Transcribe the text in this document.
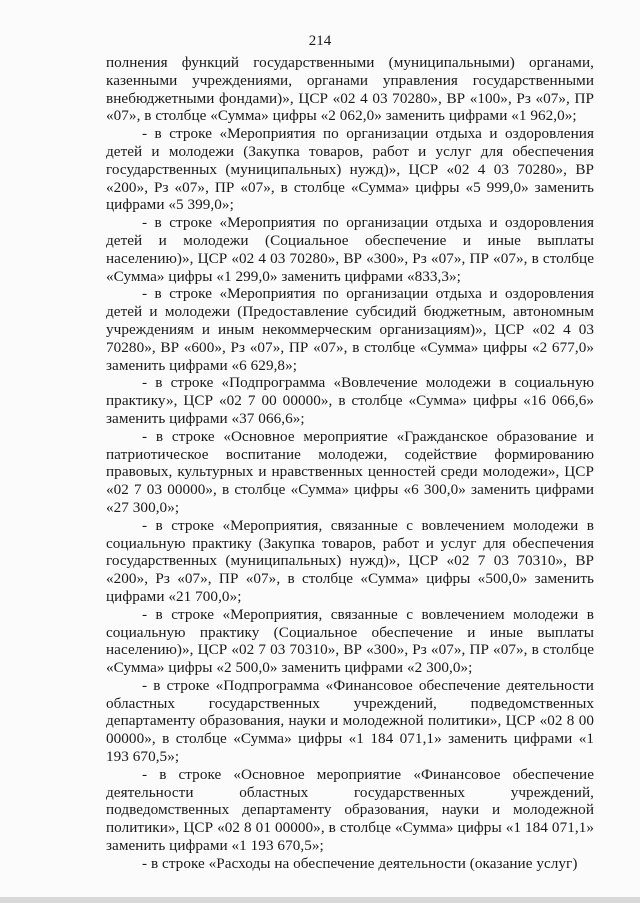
214

полнения функций государственными (муниципальными) органами, казенными учреждениями, органами управления государственными внебюджетными фондами)», ЦСР «02 4 03 70280», ВР «100», Рз «07», ПР «07», в столбце «Сумма» цифры «2 062,0» заменить цифрами «1 962,0»;

- в строке «Мероприятия по организации отдыха и оздоровления детей и молодежи (Закупка товаров, работ и услуг для обеспечения государственных (муниципальных) нужд)», ЦСР «02 4 03 70280», ВР «200», Рз «07», ПР «07», в столбце «Сумма» цифры «5 999,0» заменить цифрами «5 399,0»;

- в строке «Мероприятия по организации отдыха и оздоровления детей и молодежи (Социальное обеспечение и иные выплаты населению)», ЦСР «02 4 03 70280», ВР «300», Рз «07», ПР «07», в столбце «Сумма» цифры «1 299,0» заменить цифрами «833,3»;

- в строке «Мероприятия по организации отдыха и оздоровления детей и молодежи (Предоставление субсидий бюджетным, автономным учреждениям и иным некоммерческим организациям)», ЦСР «02 4 03 70280», ВР «600», Рз «07», ПР «07», в столбце «Сумма» цифры «2 677,0» заменить цифрами «6 629,8»;

- в строке «Подпрограмма «Вовлечение молодежи в социальную практику», ЦСР «02 7 00 00000», в столбце «Сумма» цифры «16 066,6» заменить цифрами «37 066,6»;

- в строке «Основное мероприятие «Гражданское образование и патриотическое воспитание молодежи, содействие формированию правовых, культурных и нравственных ценностей среди молодежи», ЦСР «02 7 03 00000», в столбце «Сумма» цифры «6 300,0» заменить цифрами «27 300,0»;

- в строке «Мероприятия, связанные с вовлечением молодежи в социальную практику (Закупка товаров, работ и услуг для обеспечения государственных (муниципальных) нужд)», ЦСР «02 7 03 70310», ВР «200», Рз «07», ПР «07», в столбце «Сумма» цифры «500,0» заменить цифрами «21 700,0»;

- в строке «Мероприятия, связанные с вовлечением молодежи в социальную практику (Социальное обеспечение и иные выплаты населению)», ЦСР «02 7 03 70310», ВР «300», Рз «07», ПР «07», в столбце «Сумма» цифры «2 500,0» заменить цифрами «2 300,0»;

- в строке «Подпрограмма «Финансовое обеспечение деятельности областных государственных учреждений, подведомственных департаменту образования, науки и молодежной политики», ЦСР «02 8 00 00000», в столбце «Сумма» цифры «1 184 071,1» заменить цифрами «1 193 670,5»;

- в строке «Основное мероприятие «Финансовое обеспечение деятельности областных государственных учреждений, подведомственных департаменту образования, науки и молодежной политики», ЦСР «02 8 01 00000», в столбце «Сумма» цифры «1 184 071,1» заменить цифрами «1 193 670,5»;

- в строке «Расходы на обеспечение деятельности (оказание услуг)
